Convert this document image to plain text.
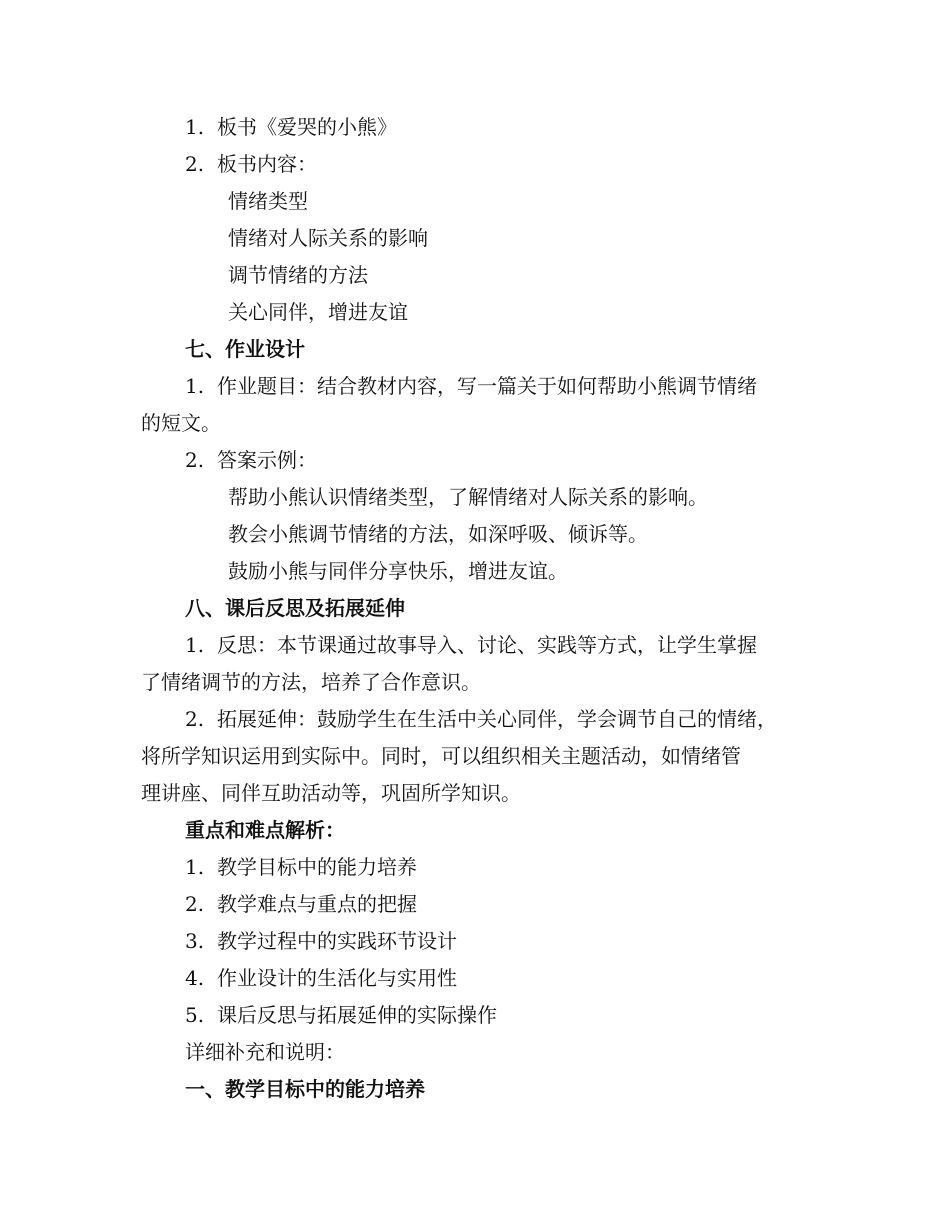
1. 板书《爱哭的小熊》
2. 板书内容：
情绪类型
情绪对人际关系的影响
调节情绪的方法
关心同伴，增进友谊
七、作业设计
1. 作业题目：结合教材内容，写一篇关于如何帮助小熊调节情绪
的短文。
2. 答案示例：
帮助小熊认识情绪类型，了解情绪对人际关系的影响。
教会小熊调节情绪的方法，如深呼吸、倾诉等。
鼓励小熊与同伴分享快乐，增进友谊。
八、课后反思及拓展延伸
1. 反思：本节课通过故事导入、讨论、实践等方式，让学生掌握
了情绪调节的方法，培养了合作意识。
2. 拓展延伸：鼓励学生在生活中关心同伴，学会调节自己的情绪，
将所学知识运用到实际中。同时，可以组织相关主题活动，如情绪管
理讲座、同伴互助活动等，巩固所学知识。
重点和难点解析：
1. 教学目标中的能力培养
2. 教学难点与重点的把握
3. 教学过程中的实践环节设计
4. 作业设计的生活化与实用性
5. 课后反思与拓展延伸的实际操作
详细补充和说明：
一、教学目标中的能力培养
